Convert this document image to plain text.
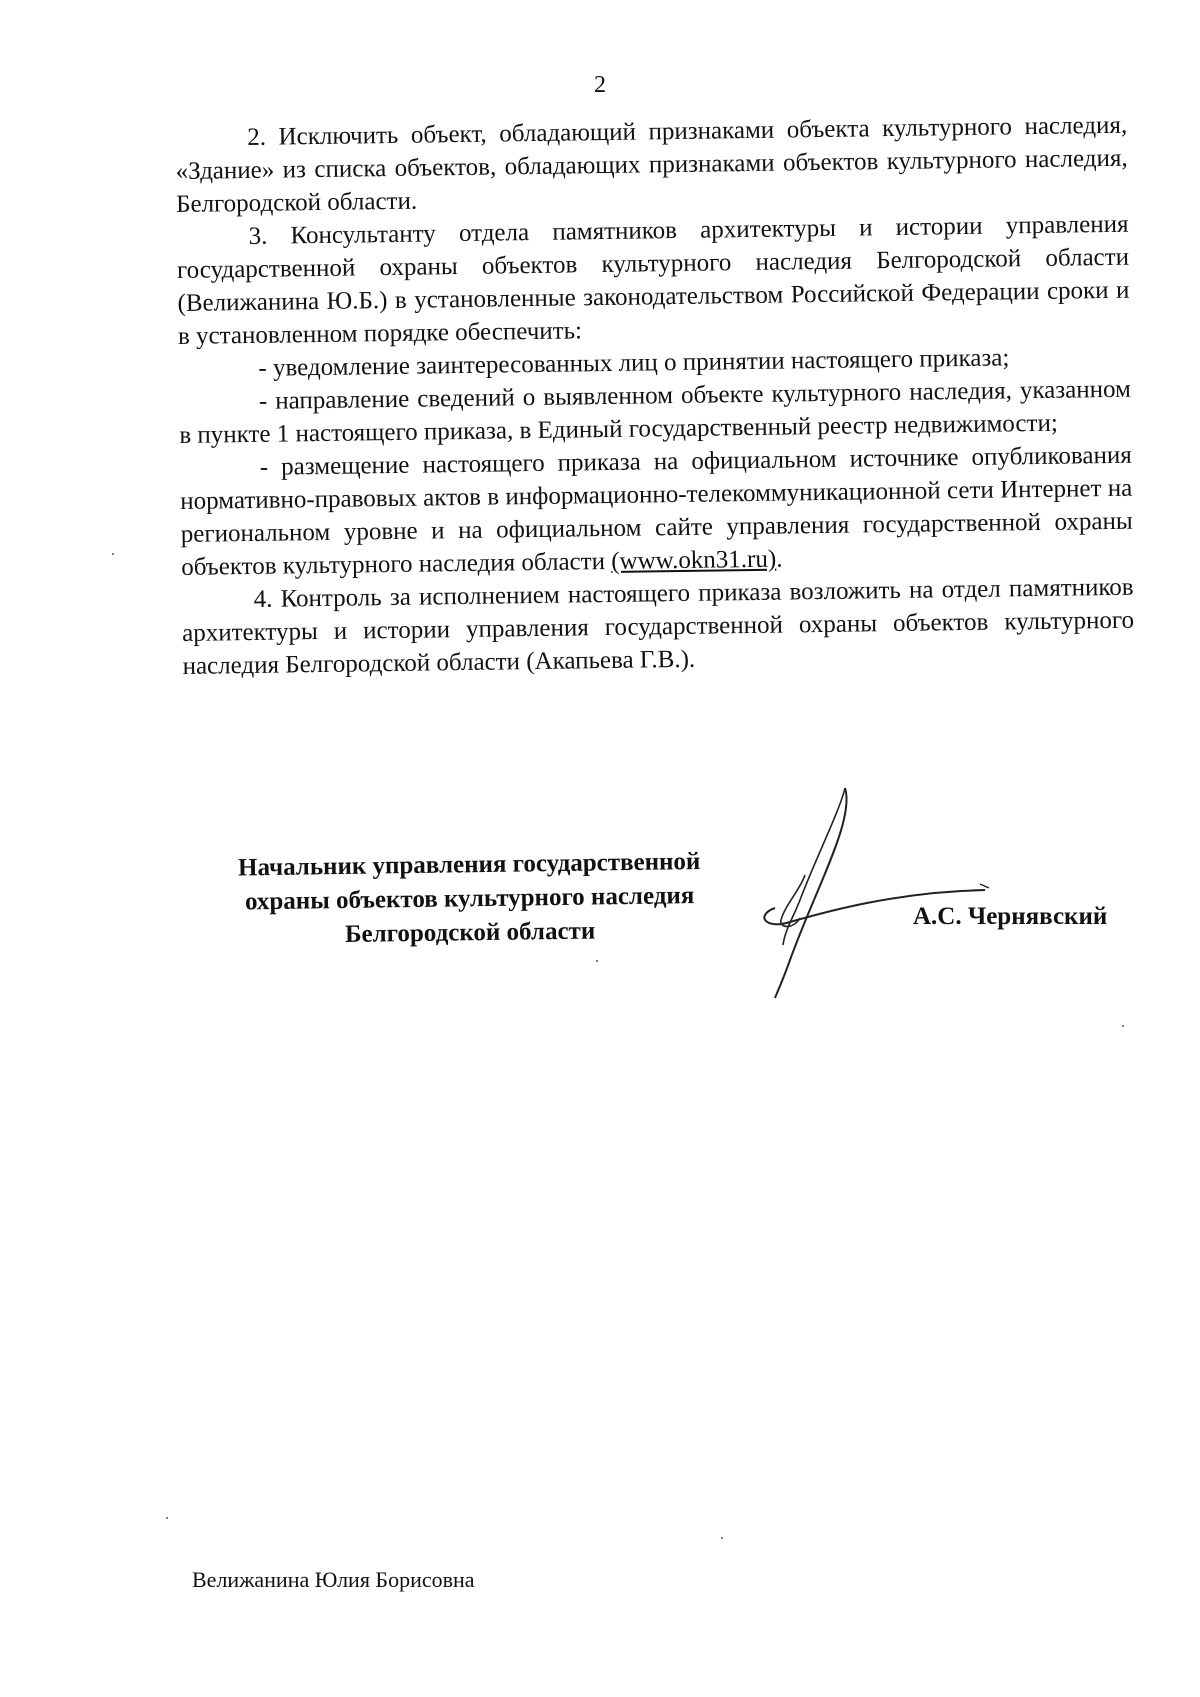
2

2. Исключить объект, обладающий признаками объекта культурного наследия, «Здание» из списка объектов, обладающих признаками объектов культурного наследия, Белгородской области.

3. Консультанту отдела памятников архитектуры и истории управления государственной охраны объектов культурного наследия Белгородской области (Велижанина Ю.Б.) в установленные законодательством Российской Федерации сроки и в установленном порядке обеспечить:

- уведомление заинтересованных лиц о принятии настоящего приказа;

- направление сведений о выявленном объекте культурного наследия, указанном в пункте 1 настоящего приказа, в Единый государственный реестр недвижимости;

- размещение настоящего приказа на официальном источнике опубликования нормативно-правовых актов в информационно-телекоммуникационной сети Интернет на региональном уровне и на официальном сайте управления государственной охраны объектов культурного наследия области (www.okn31.ru).

4. Контроль за исполнением настоящего приказа возложить на отдел памятников архитектуры и истории управления государственной охраны объектов культурного наследия Белгородской области (Акапьева Г.В.).

Начальник управления государственной
охраны объектов культурного наследия
Белгородской области
А.С. Чернявский
Велижанина Юлия Борисовна
